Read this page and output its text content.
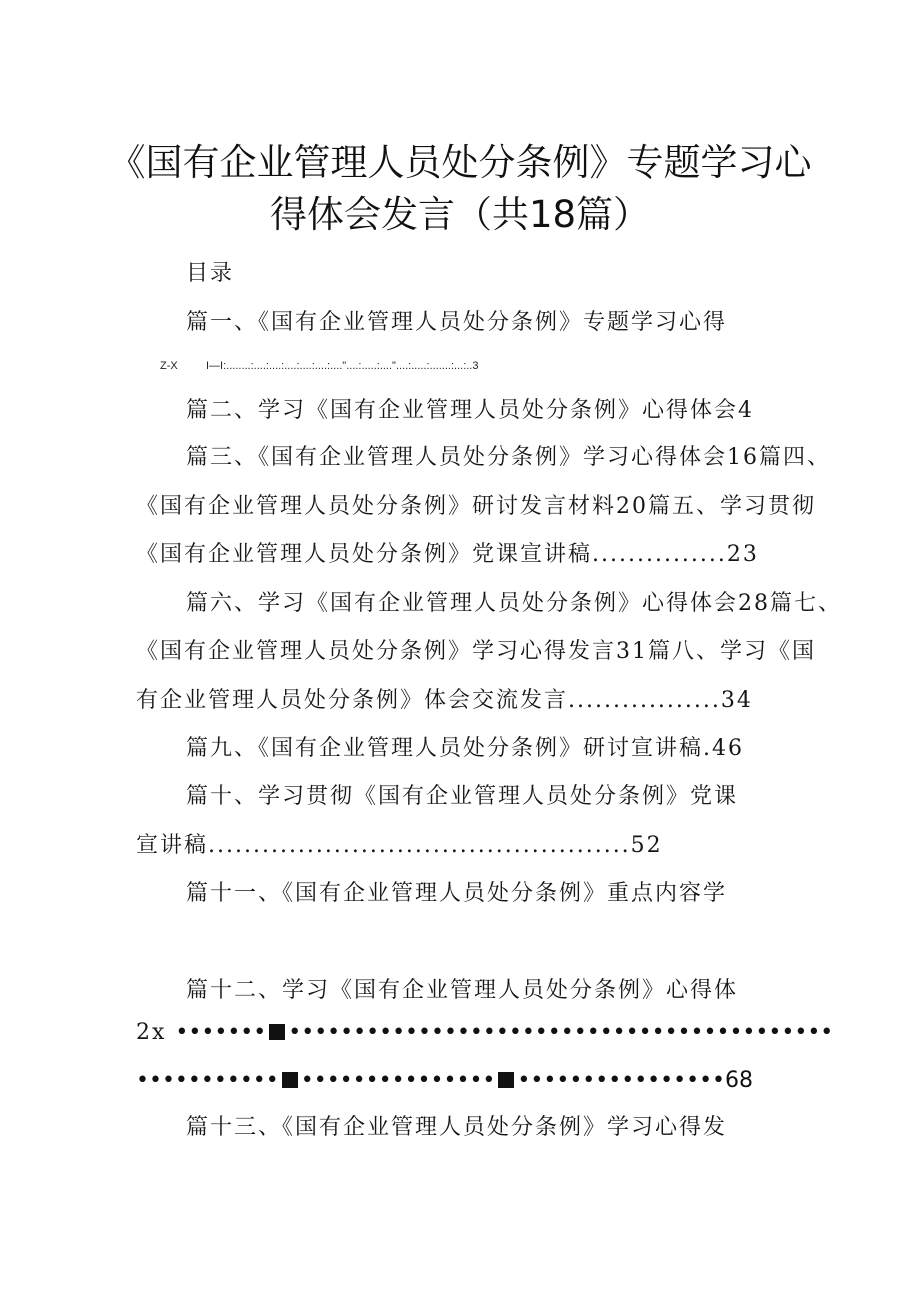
《国有企业管理人员处分条例》专题学习心
得体会发言（共18篇）
目录
篇一、《国有企业管理人员处分条例》专题学习心得
Z-X	I—I:........:....:....:....:....:....:...."....:.....:...."....:.....:.......:...:..3
篇二、学习《国有企业管理人员处分条例》心得体会4
篇三、《国有企业管理人员处分条例》学习心得体会16篇四、
《国有企业管理人员处分条例》研讨发言材料20篇五、学习贯彻
《国有企业管理人员处分条例》党课宣讲稿...............23
篇六、学习《国有企业管理人员处分条例》心得体会28篇七、
《国有企业管理人员处分条例》学习心得发言31篇八、学习《国
有企业管理人员处分条例》体会交流发言.................34
篇九、《国有企业管理人员处分条例》研讨宣讲稿.46
篇十、学习贯彻《国有企业管理人员处分条例》党课
宣讲稿...............................................52
篇十一、《国有企业管理人员处分条例》重点内容学
篇十二、学习《国有企业管理人员处分条例》心得体
2x ••••••• ••••••••••••••••••••••••••••••••••••••••••
••••••••••• ••••••••••••••• ••••••••••••••••68
篇十三、《国有企业管理人员处分条例》学习心得发
